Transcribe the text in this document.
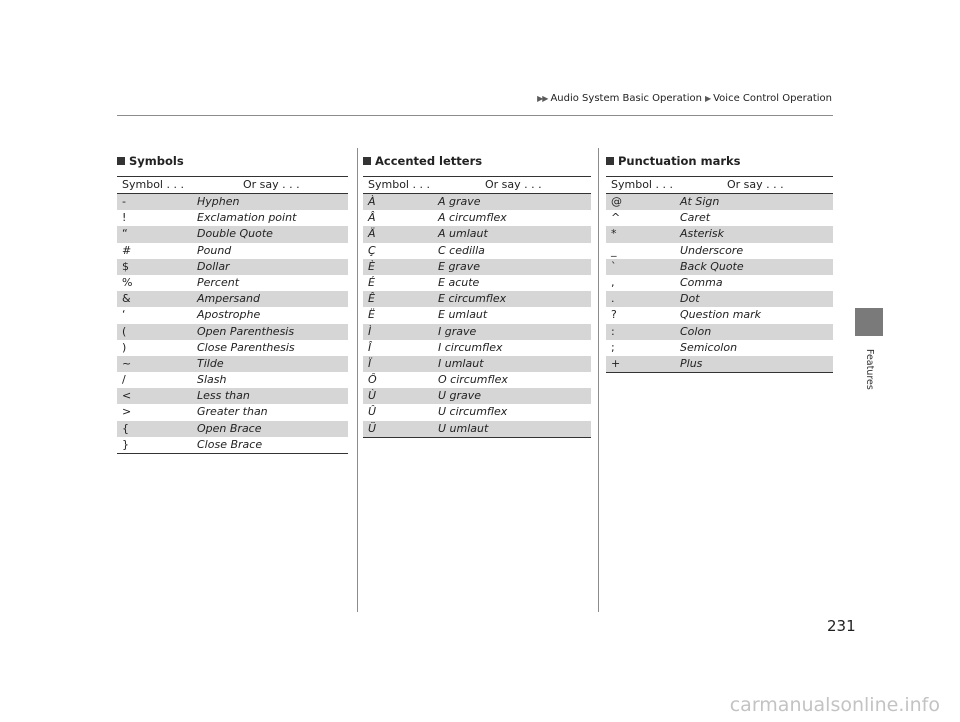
▶▶ Audio System Basic Operation ▶ Voice Control Operation
Features
Symbols
Symbol . . .	Or say . . .
-	Hyphen
!	Exclamation point
“	Double Quote
#	Pound
$	Dollar
%	Percent
&	Ampersand
‘	Apostrophe
(	Open Parenthesis
)	Close Parenthesis
~	Tilde
/	Slash
<	Less than
>	Greater than
{	Open Brace
}	Close Brace
Accented letters
Symbol . . .	Or say . . .
À	A grave
Â	A circumflex
Ä	A umlaut
Ç	C cedilla
È	E grave
É	E acute
Ê	E circumflex
Ë	E umlaut
Ì	I grave
Î	I circumflex
Ï	I umlaut
Ô	O circumflex
Ù	U grave
Û	U circumflex
Ü	U umlaut
Punctuation marks
Symbol . . .	Or say . . .
@	At Sign
^	Caret
*	Asterisk
_	Underscore
`	Back Quote
,	Comma
.	Dot
?	Question mark
:	Colon
;	Semicolon
+	Plus
231
carmanualsonline.info
